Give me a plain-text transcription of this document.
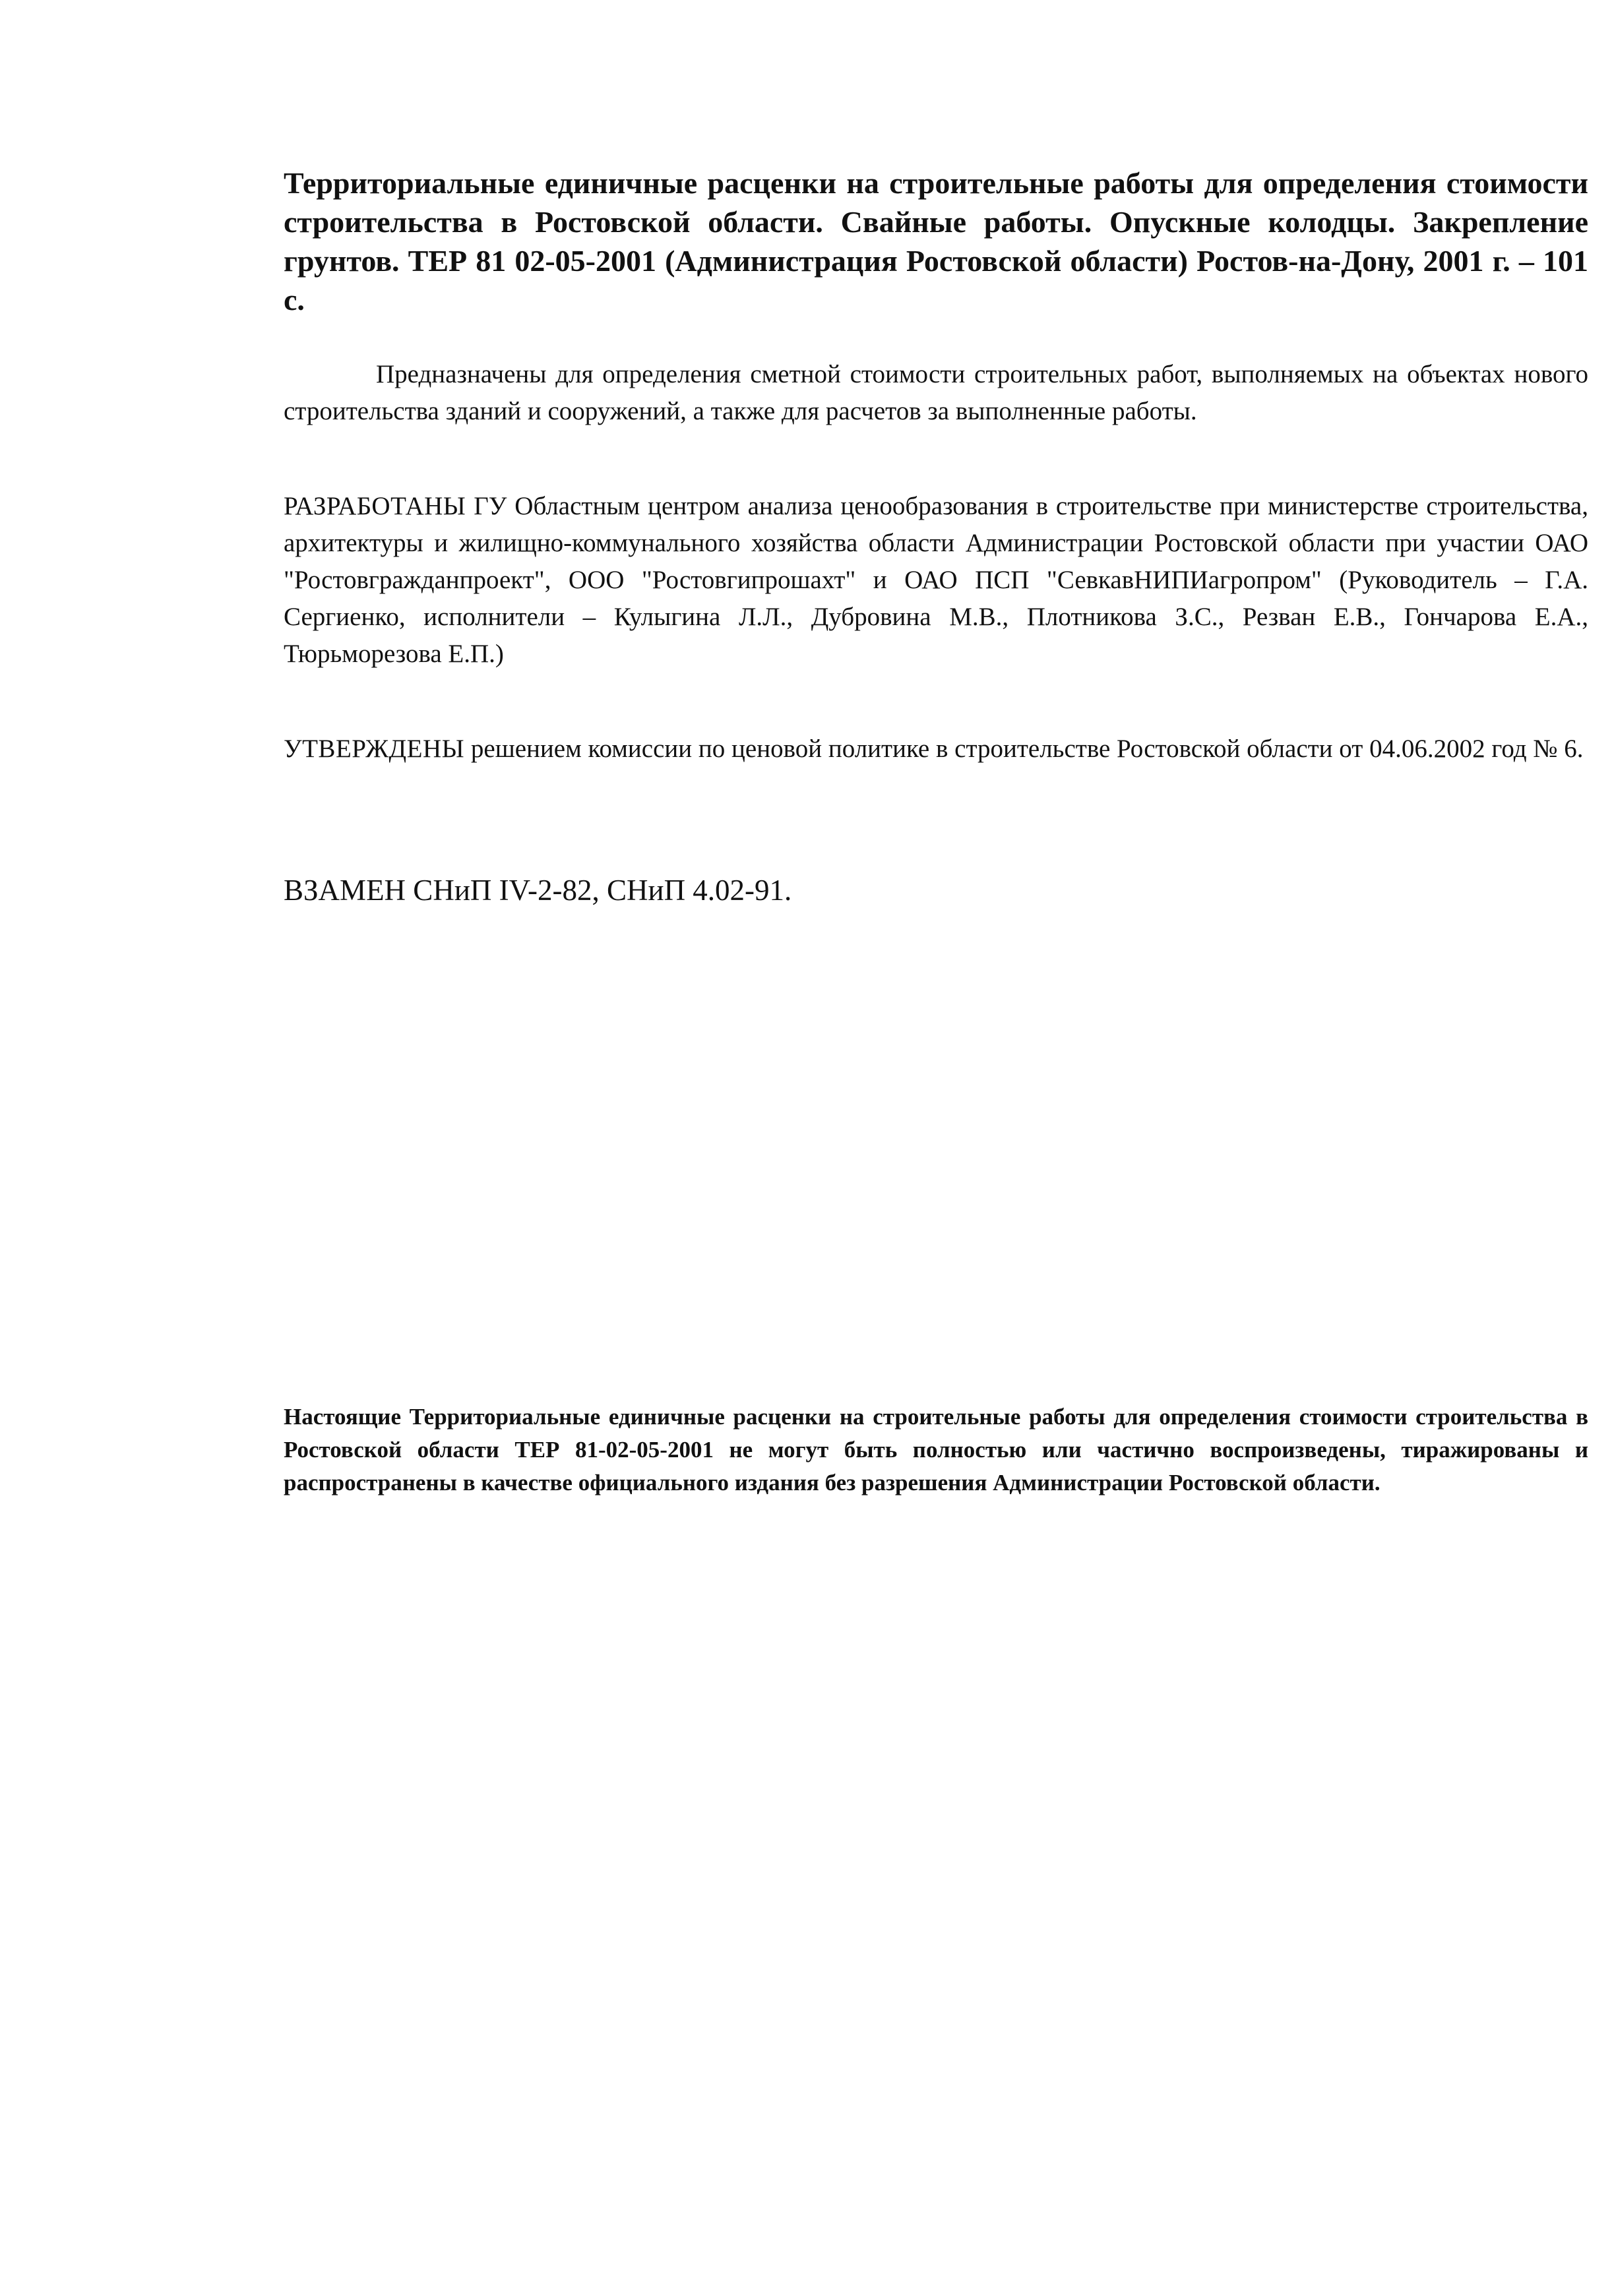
Территориальные единичные расценки на строительные работы для определения стоимости строительства в Ростовской области. Свайные работы. Опускные колодцы. Закрепление грунтов. ТЕР 81 02-05-2001 (Администрация Ростовской области) Ростов-на-Дону, 2001 г. – 101 с.

Предназначены для определения сметной стоимости строительных работ, выполняемых на объектах нового строительства зданий и сооружений, а также для расчетов за выполненные работы.

РАЗРАБОТАНЫ ГУ Областным центром анализа ценообразования в строительстве при министерстве строительства, архитектуры и жилищно-коммунального хозяйства области Администрации Ростовской области при участии ОАО "Ростовгражданпроект", ООО "Ростовгипрошахт" и ОАО ПСП "СевкавНИПИагропром" (Руководитель – Г.А. Сергиенко, исполнители – Кулыгина Л.Л., Дубровина М.В., Плотникова З.С., Резван Е.В., Гончарова Е.А., Тюрьморезова Е.П.)

УТВЕРЖДЕНЫ решением комиссии по ценовой политике в строительстве Ростовской области от 04.06.2002 год № 6.

ВЗАМЕН СНиП IV-2-82, СНиП 4.02-91.

Настоящие Территориальные единичные расценки на строительные работы для определения стоимости строительства в Ростовской области ТЕР 81-02-05-2001 не могут быть полностью или частично воспроизведены, тиражированы и распространены в качестве официального издания без разрешения Администрации Ростовской области.
